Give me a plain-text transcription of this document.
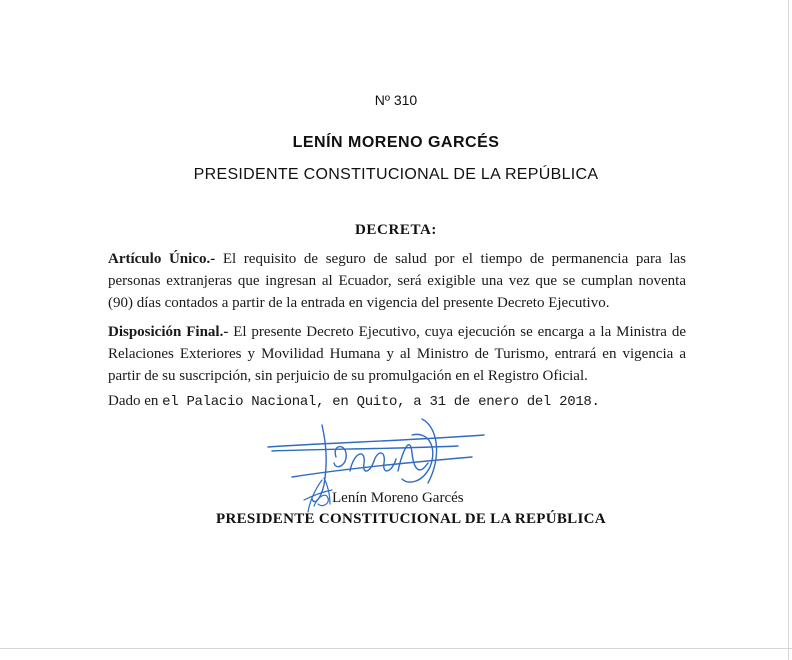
Nº 310
LENÍN MORENO GARCÉS
PRESIDENTE CONSTITUCIONAL DE LA REPÚBLICA
DECRETA:
Artículo Único.- El requisito de seguro de salud por el tiempo de permanencia para las personas extranjeras que ingresan al Ecuador, será exigible una vez que se cumplan noventa (90) días contados a partir de la entrada en vigencia del presente Decreto Ejecutivo.
Disposición Final.- El presente Decreto Ejecutivo, cuya ejecución se encarga a la Ministra de Relaciones Exteriores y Movilidad Humana y al Ministro de Turismo, entrará en vigencia a partir de su suscripción, sin perjuicio de su promulgación en el Registro Oficial.
Dado en el Palacio Nacional, en Quito, a 31 de enero del 2018.
Lenín Moreno Garcés
PRESIDENTE CONSTITUCIONAL DE LA REPÚBLICA
